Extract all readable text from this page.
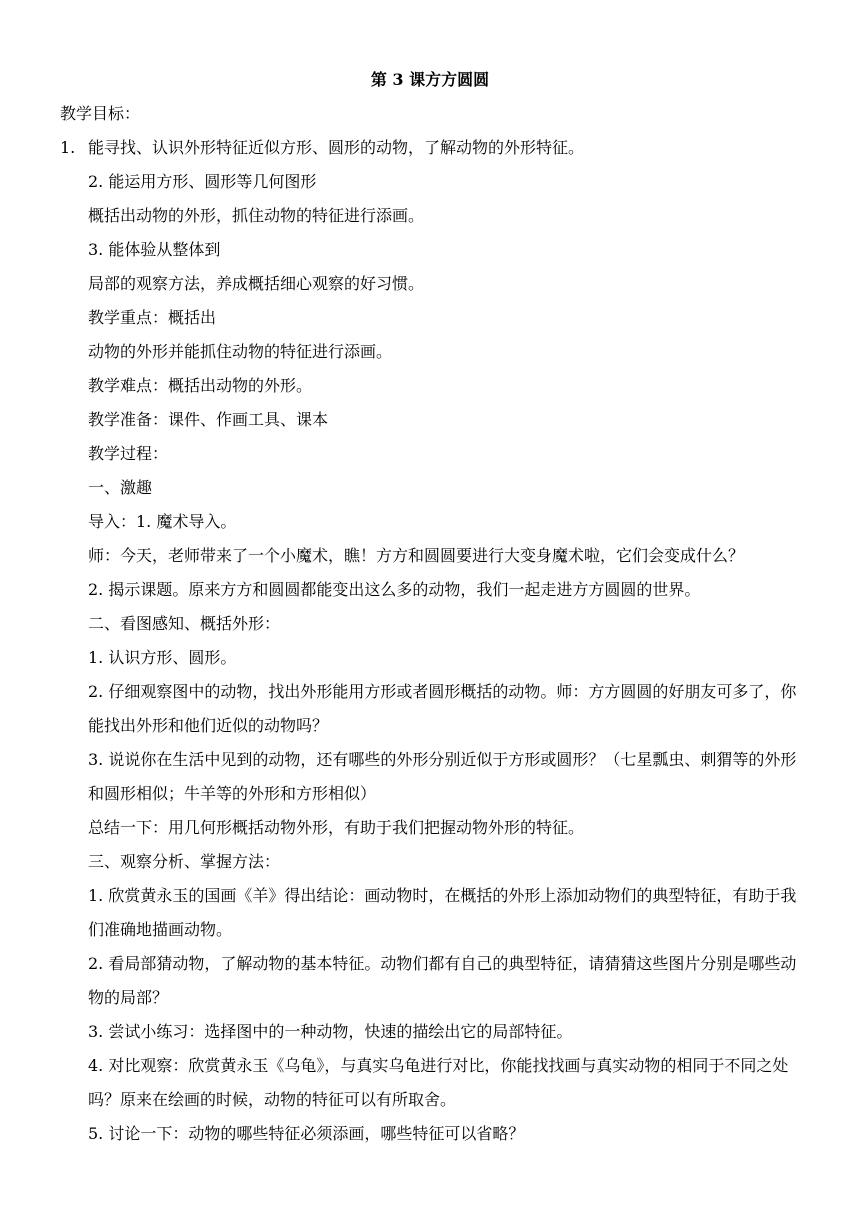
第 3 课方方圆圆

教学目标：

1. 能寻找、认识外形特征近似方形、圆形的动物，了解动物的外形特征。

2. 能运用方形、圆形等几何图形

概括出动物的外形，抓住动物的特征进行添画。

3. 能体验从整体到

局部的观察方法，养成概括细心观察的好习惯。

教学重点：概括出

动物的外形并能抓住动物的特征进行添画。

教学难点：概括出动物的外形。

教学准备：课件、作画工具、课本

教学过程：

一、激趣

导入：1. 魔术导入。

师：今天，老师带来了一个小魔术，瞧！方方和圆圆要进行大变身魔术啦，它们会变成什么？

2. 揭示课题。原来方方和圆圆都能变出这么多的动物，我们一起走进方方圆圆的世界。

二、看图感知、概括外形：

1. 认识方形、圆形。

2. 仔细观察图中的动物，找出外形能用方形或者圆形概括的动物。师：方方圆圆的好朋友可多了，你能找出外形和他们近似的动物吗？

3. 说说你在生活中见到的动物，还有哪些的外形分别近似于方形或圆形？（七星瓢虫、刺猬等的外形和圆形相似；牛羊等的外形和方形相似）

总结一下：用几何形概括动物外形，有助于我们把握动物外形的特征。

三、观察分析、掌握方法：

1. 欣赏黄永玉的国画《羊》得出结论：画动物时，在概括的外形上添加动物们的典型特征，有助于我们准确地描画动物。

2. 看局部猜动物，了解动物的基本特征。动物们都有自己的典型特征，请猜猜这些图片分别是哪些动物的局部？

3. 尝试小练习：选择图中的一种动物，快速的描绘出它的局部特征。

4. 对比观察：欣赏黄永玉《乌龟》，与真实乌龟进行对比，你能找找画与真实动物的相同于不同之处吗？原来在绘画的时候，动物的特征可以有所取舍。

5. 讨论一下：动物的哪些特征必须添画，哪些特征可以省略？
